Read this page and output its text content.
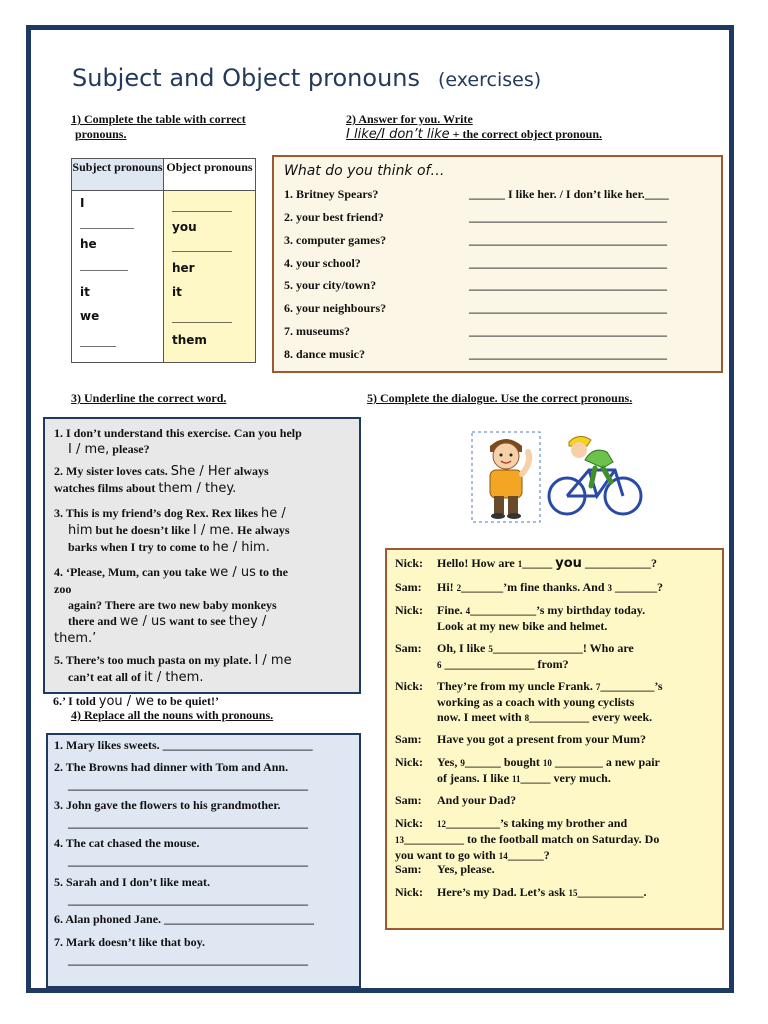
Subject and Object pronouns (exercises)
1) Complete the table with correct
pronouns.
Subject pronouns
I
_________
he
________
it
we
______
Object pronouns
__________
you
__________
her
it
__________
them
2) Answer for you. Write
I like/I don’t like + the correct object pronoun.
What do you think of…
1. Britney Spears?
2. your best friend?
3. computer games?
4. your school?
5. your city/town?
6. your neighbours?
7. museums?
8. dance music?
______ I like her. / I don’t like her.____
_________________________________
_________________________________
_________________________________
_________________________________
_________________________________
_________________________________
_________________________________
3) Underline the correct word.
1. I don’t understand this exercise. Can you help
I / me, please?
2. My sister loves cats. She / Her always
watches films about them / they.
3. This is my friend’s dog Rex. Rex likes he /
him but he doesn’t like I / me. He always
barks when I try to come to he / him.
4. ‘Please, Mum, can you take we / us to the
zoo
again? There are two new baby monkeys
there and we / us want to see they /
them.’
5. There’s too much pasta on my plate. I / me
can’t eat all of it / them.
6.’ I told you / we to be quiet!’
4) Replace all the nouns with pronouns.
1. Mary likes sweets. _________________________
2. The Browns had dinner with Tom and Ann.
________________________________________
3. John gave the flowers to his grandmother.
________________________________________
4. The cat chased the mouse.
________________________________________
5. Sarah and I don’t like meat.
________________________________________
6. Alan phoned Jane. _________________________
7. Mark doesn’t like that boy.
________________________________________
5) Complete the dialogue. Use the correct pronouns.
Nick: Hello! How are 1_____ you ___________?
Sam: Hi! 2_______’m fine thanks. And 3 _______?
Nick: Fine. 4___________’s my birthday today.
Look at my new bike and helmet.
Sam: Oh, I like 5_______________! Who are
6 _______________ from?
Nick: They’re from my uncle Frank. 7_________’s
working as a coach with young cyclists
now. I meet with 8__________ every week.
Sam: Have you got a present from your Mum?
Nick: Yes, 9______ bought 10 ________ a new pair
of jeans. I like 11_____ very much.
Sam: And your Dad?
Nick: 12_________’s taking my brother and
13__________ to the football match on Saturday. Do
you want to go with 14______?
Sam: Yes, please.
Nick: Here’s my Dad. Let’s ask 15___________.
